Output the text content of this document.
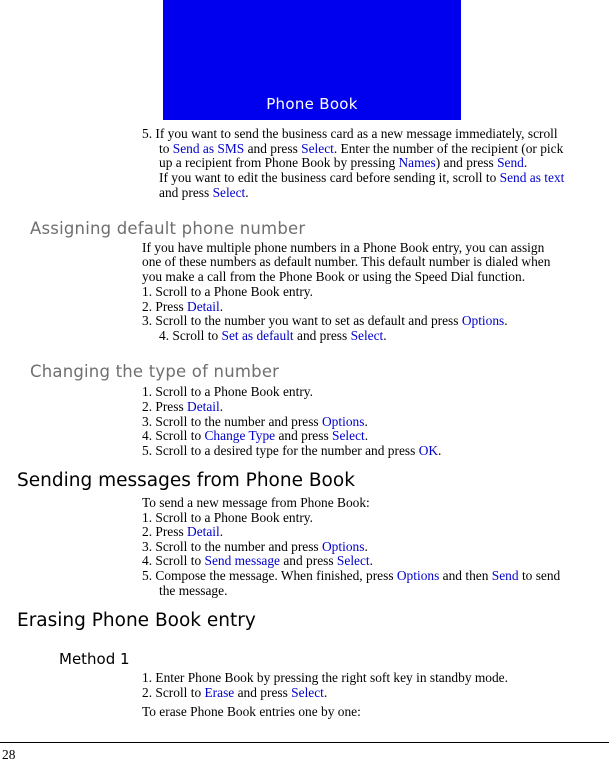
Phone Book
5. If you want to send the business card as a new message immediately, scroll
to Send as SMS and press Select. Enter the number of the recipient (or pick
up a recipient from Phone Book by pressing Names) and press Send.
If you want to edit the business card before sending it, scroll to Send as text
and press Select.
Assigning default phone number
If you have multiple phone numbers in a Phone Book entry, you can assign
one of these numbers as default number. This default number is dialed when
you make a call from the Phone Book or using the Speed Dial function.
1. Scroll to a Phone Book entry.
2. Press Detail.
3. Scroll to the number you want to set as default and press Options.
4. Scroll to Set as default and press Select.
Changing the type of number
1. Scroll to a Phone Book entry.
2. Press Detail.
3. Scroll to the number and press Options.
4. Scroll to Change Type and press Select.
5. Scroll to a desired type for the number and press OK.
Sending messages from Phone Book
To send a new message from Phone Book:
1. Scroll to a Phone Book entry.
2. Press Detail.
3. Scroll to the number and press Options.
4. Scroll to Send message and press Select.
5. Compose the message. When finished, press Options and then Send to send
the message.
Erasing Phone Book entry
Method 1
1. Enter Phone Book by pressing the right soft key in standby mode.
2. Scroll to Erase and press Select.
To erase Phone Book entries one by one:
28
